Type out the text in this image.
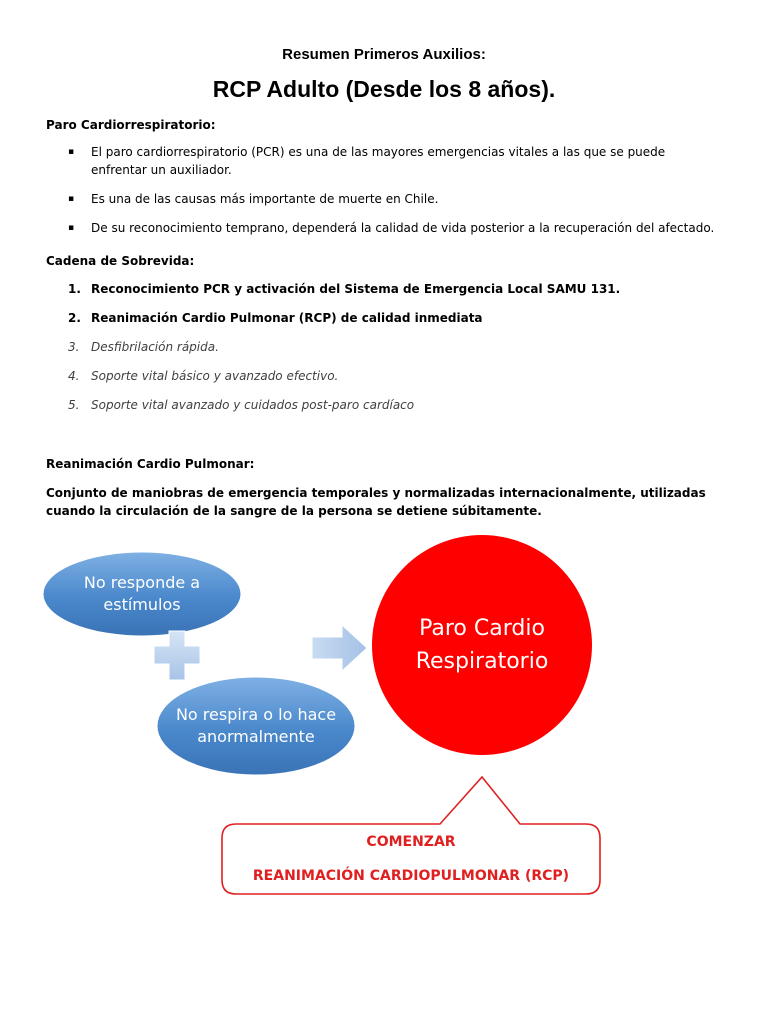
Resumen Primeros Auxilios:
RCP Adulto (Desde los 8 años).
Paro Cardiorrespiratorio:
▪ El paro cardiorrespiratorio (PCR) es una de las mayores emergencias vitales a las que se puede enfrentar un auxiliador.
▪ Es una de las causas más importante de muerte en Chile.
▪ De su reconocimiento temprano, dependerá la calidad de vida posterior a la recuperación del afectado.
Cadena de Sobrevida:
1. Reconocimiento PCR y activación del Sistema de Emergencia Local SAMU 131.
2. Reanimación Cardio Pulmonar (RCP) de calidad inmediata
3. Desfibrilación rápida.
4. Soporte vital básico y avanzado efectivo.
5. Soporte vital avanzado y cuidados post-paro cardíaco
Reanimación Cardio Pulmonar:
Conjunto de maniobras de emergencia temporales y normalizadas internacionalmente, utilizadas cuando la circulación de la sangre de la persona se detiene súbitamente.
No responde a estímulos
No respira o lo hace anormalmente
Paro Cardio Respiratorio
COMENZAR
REANIMACIÓN CARDIOPULMONAR (RCP)
